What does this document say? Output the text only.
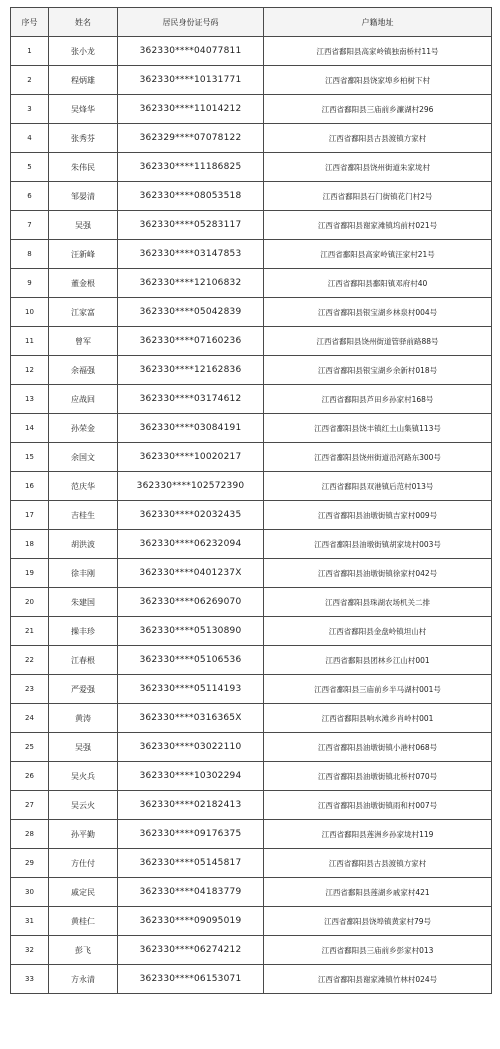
序号	姓名	居民身份证号码	户籍地址
1	张小龙	362330****04077811	江西省鄱阳县高家岭镇独南桥村11号
2	程炳雄	362330****10131771	江西省鄱阳县饶家埠乡柏树下村
3	吴烽华	362330****11014212	江西省鄱阳县三庙前乡濂湖村296
4	张秀芬	362329****07078122	江西省鄱阳县古县渡镇方家村
5	朱伟民	362330****11186825	江西省鄱阳县饶州街道朱家垅村
6	邹晏清	362330****08053518	江西省鄱阳县石门街镇花门村2号
7	吴强	362330****05283117	江西省鄱阳县谢家滩镇坞前村021号
8	汪新峰	362330****03147853	江西省鄱阳县高家岭镇汪家村21号
9	董金根	362330****12106832	江西省鄱阳县鄱阳镇邓府村40
10	江家富	362330****05042839	江西省鄱阳县银宝湖乡林泉村004号
11	曾军	362330****07160236	江西省鄱阳县饶州街道管驿前路88号
12	余福强	362330****12162836	江西省鄱阳县银宝湖乡余新村018号
13	应战回	362330****03174612	江西省鄱阳县芦田乡孙家村168号
14	孙荣金	362330****03084191	江西省鄱阳县饶丰镇红土山集镇113号
15	余国文	362330****10020217	江西省鄱阳县饶州街道沿河路东300号
16	范庆华	362330****102572390	江西省鄱阳县双港镇后范村013号
17	吉桂生	362330****02032435	江西省鄱阳县油墩街镇吉家村009号
18	胡洪波	362330****06232094	江西省鄱阳县油墩街镇胡家垅村003号
19	徐丰刚	362330****0401237X	江西省鄱阳县油墩街镇徐家村042号
20	朱建国	362330****06269070	江西省鄱阳县珠湖农场机关二排
21	操丰珍	362330****05130890	江西省鄱阳县金盘岭镇坦山村
22	江春根	362330****05106536	江西省鄱阳县团林乡江山村001
23	严爱强	362330****05114193	江西省鄱阳县三庙前乡半马湖村001号
24	黄涛	362330****0316365X	江西省鄱阳县响水滩乡肖岭村001
25	吴强	362330****03022110	江西省鄱阳县油墩街镇小港村068号
26	吴火兵	362330****10302294	江西省鄱阳县油墩街镇北桥村070号
27	吴云火	362330****02182413	江西省鄱阳县油墩街镇雨和村007号
28	孙平勤	362330****09176375	江西省鄱阳县莲洲乡孙家垅村119
29	方仕付	362330****05145817	江西省鄱阳县古县渡镇方家村
30	戚定民	362330****04183779	江西省鄱阳县莲湖乡戚家村421
31	黄桂仁	362330****09095019	江西省鄱阳县饶埠镇黄家村79号
32	彭飞	362330****06274212	江西省鄱阳县三庙前乡彭家村013
33	方永清	362330****06153071	江西省鄱阳县谢家滩镇竹林村024号
